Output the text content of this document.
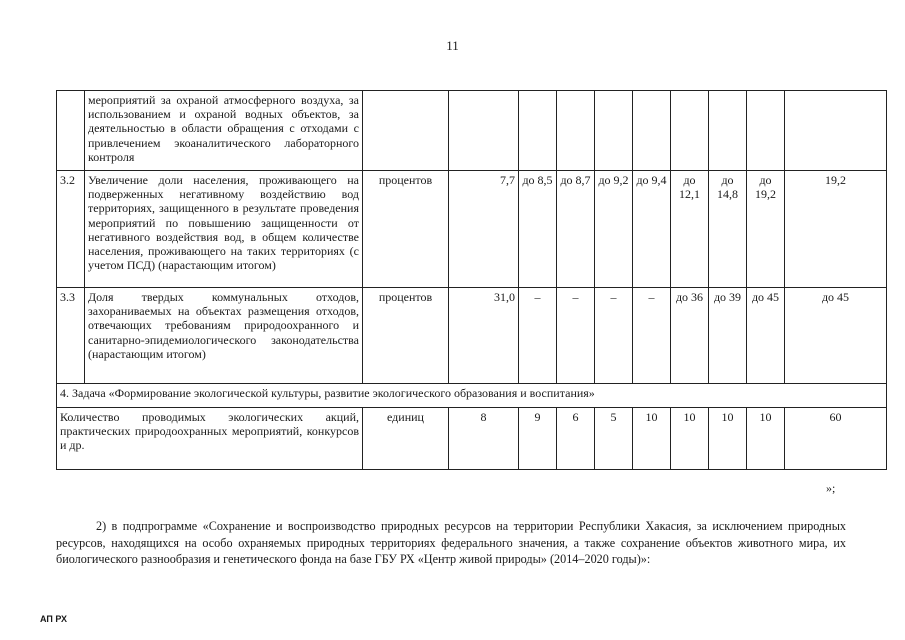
11
	мероприятий за охраной атмосферного воздуха, за использованием и охраной водных объектов, за деятельностью в области обращения с отходами с привлечением экоаналитического лабораторного контроля										
3.2	Увеличение доли населения, проживающего на подверженных негативному воздействию вод территориях, защищенного в результате проведения мероприятий по повышению защищенности от негативного воздействия вод, в общем количестве населения, проживающего на таких территориях (с учетом ПСД) (нарастающим итогом)	процентов	7,7	до 8,5	до 8,7	до 9,2	до 9,4	до 12,1	до 14,8	до 19,2	19,2
3.3	Доля твердых коммунальных отходов, захораниваемых на объектах размещения отходов, отвечающих требованиям природоохранного и санитарно-эпидемиологического законодательства (нарастающим итогом)	процентов	31,0	–	–	–	–	до 36	до 39	до 45	до 45
4. Задача «Формирование экологической культуры, развитие экологического образования и воспитания»											
Количество проводимых экологических акций, практических природоохранных мероприятий, конкурсов и др.		единиц	8	9	6	5	10	10	10	10	60
»;
2) в подпрограмме «Сохранение и воспроизводство природных ресурсов на территории Республики Хакасия, за исключением природных ресурсов, находящихся на особо охраняемых природных территориях федерального значения, а также сохранение объектов животного мира, их биологического разнообразия и генетического фонда на базе ГБУ РХ «Центр живой природы» (2014–2020 годы)»:
АП РХ
